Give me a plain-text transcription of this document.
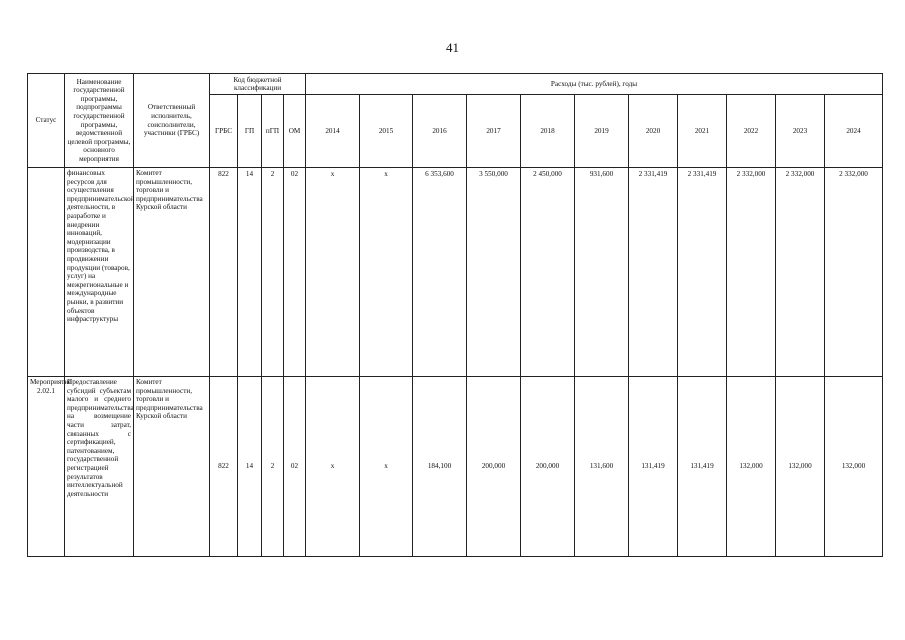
41
Статус	Наименование государственной программы, подпрограммы государственной программы, ведомственной целевой программы, основного мероприятия	Ответственный исполнитель, соисполнители, участники (ГРБС)	Код бюджетной классификации				Расходы (тыс. рублей), годы										
			ГРБС	ГП	пГП	ОМ	2014	2015	2016	2017	2018	2019	2020	2021	2022	2023	2024

	финансовых ресурсов для осуществления предпринимательской деятельности, в разработке и внедрении инноваций, модернизации производства, в продвижении продукции (товаров, услуг) на межрегиональные и международные рынки, в развитии объектов инфраструктуры	Комитет промышленности, торговли и предпринимательства Курской области	822	14	2	02	x	x	6 353,600	3 550,000	2 450,000	931,600	2 331,419	2 331,419	2 332,000	2 332,000	2 332,000
Мероприятие 2.02.1	Предоставление субсидий субъектам малого и среднего предпринимательства на возмещение части затрат, связанных с сертификацией, патентованием, государственной регистрацией результатов интеллектуальной деятельности	Комитет промышленности, торговли и предпринимательства Курской области	822	14	2	02	x	x	184,100	200,000	200,000	131,600	131,419	131,419	132,000	132,000	132,000
